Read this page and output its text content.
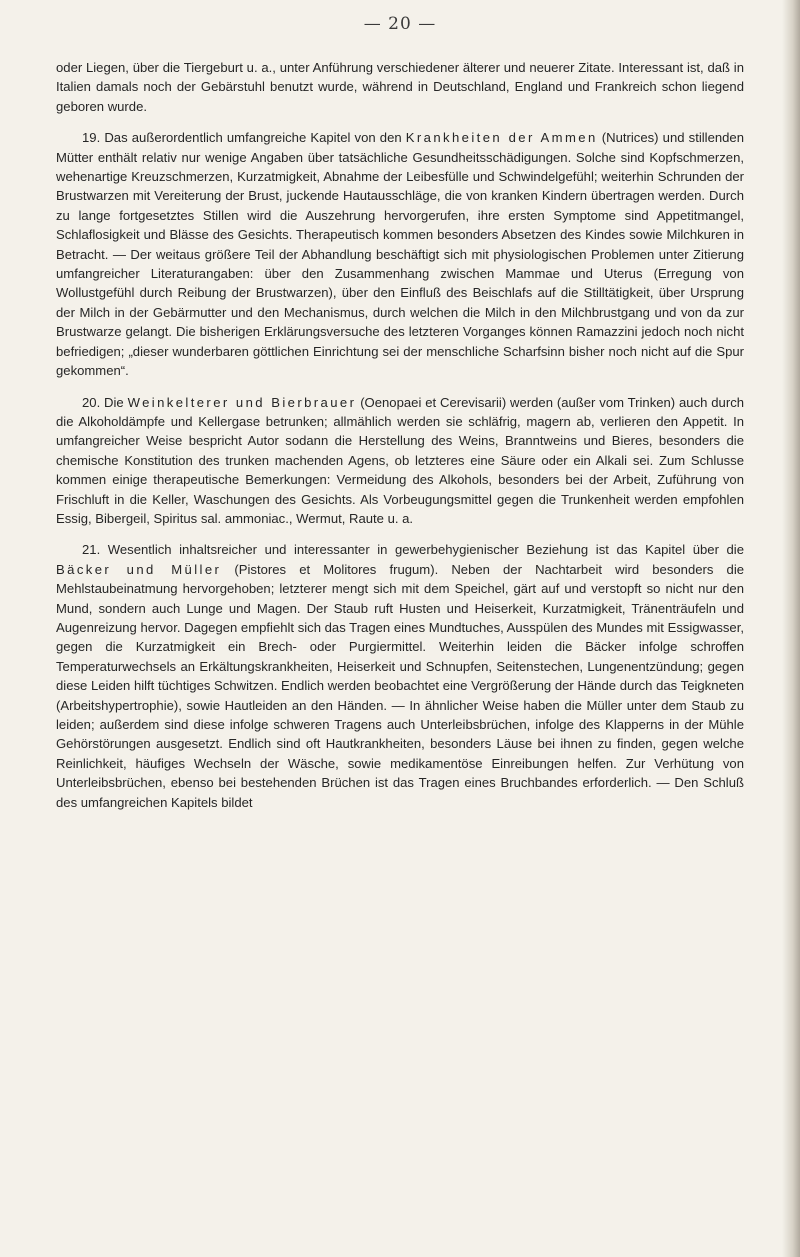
— 20 —

oder Liegen, über die Tiergeburt u. a., unter Anführung verschiedener älterer und neuerer Zitate. Interessant ist, daß in Italien damals noch der Gebärstuhl benutzt wurde, während in Deutschland, England und Frankreich schon liegend geboren wurde.

19. Das außerordentlich umfangreiche Kapitel von den Krankheiten der Ammen (Nutrices) und stillenden Mütter enthält relativ nur wenige Angaben über tatsächliche Gesundheitsschädigungen. Solche sind Kopfschmerzen, wehenartige Kreuzschmerzen, Kurzatmigkeit, Abnahme der Leibesfülle und Schwindelgefühl; weiterhin Schrunden der Brustwarzen mit Vereiterung der Brust, juckende Hautausschläge, die von kranken Kindern übertragen werden. Durch zu lange fortgesetztes Stillen wird die Auszehrung hervorgerufen, ihre ersten Symptome sind Appetitmangel, Schlaflosigkeit und Blässe des Gesichts. Therapeutisch kommen besonders Absetzen des Kindes sowie Milchkuren in Betracht. — Der weitaus größere Teil der Abhandlung beschäftigt sich mit physiologischen Problemen unter Zitierung umfangreicher Literaturangaben: über den Zusammenhang zwischen Mammae und Uterus (Erregung von Wollustgefühl durch Reibung der Brustwarzen), über den Einfluß des Beischlafs auf die Stilltätigkeit, über Ursprung der Milch in der Gebärmutter und den Mechanismus, durch welchen die Milch in den Milchbrustgang und von da zur Brustwarze gelangt. Die bisherigen Erklärungsversuche des letzteren Vorganges können Ramazzini jedoch noch nicht befriedigen; „dieser wunderbaren göttlichen Einrichtung sei der menschliche Scharfsinn bisher noch nicht auf die Spur gekommen“.

20. Die Weinkelterer und Bierbrauer (Oenopaei et Cerevisarii) werden (außer vom Trinken) auch durch die Alkoholdämpfe und Kellergase betrunken; allmählich werden sie schläfrig, magern ab, verlieren den Appetit. In umfangreicher Weise bespricht Autor sodann die Herstellung des Weins, Branntweins und Bieres, besonders die chemische Konstitution des trunken machenden Agens, ob letzteres eine Säure oder ein Alkali sei. Zum Schlusse kommen einige therapeutische Bemerkungen: Vermeidung des Alkohols, besonders bei der Arbeit, Zuführung von Frischluft in die Keller, Waschungen des Gesichts. Als Vorbeugungsmittel gegen die Trunkenheit werden empfohlen Essig, Bibergeil, Spiritus sal. ammoniac., Wermut, Raute u. a.

21. Wesentlich inhaltsreicher und interessanter in gewerbehygienischer Beziehung ist das Kapitel über die Bäcker und Müller (Pistores et Molitores frugum). Neben der Nachtarbeit wird besonders die Mehlstaubeinatmung hervorgehoben; letzterer mengt sich mit dem Speichel, gärt auf und verstopft so nicht nur den Mund, sondern auch Lunge und Magen. Der Staub ruft Husten und Heiserkeit, Kurzatmigkeit, Tränenträufeln und Augenreizung hervor. Dagegen empfiehlt sich das Tragen eines Mundtuches, Ausspülen des Mundes mit Essigwasser, gegen die Kurzatmigkeit ein Brech- oder Purgiermittel. Weiterhin leiden die Bäcker infolge schroffen Temperaturwechsels an Erkältungskrankheiten, Heiserkeit und Schnupfen, Seitenstechen, Lungenentzündung; gegen diese Leiden hilft tüchtiges Schwitzen. Endlich werden beobachtet eine Vergrößerung der Hände durch das Teigkneten (Arbeitshypertrophie), sowie Hautleiden an den Händen. — In ähnlicher Weise haben die Müller unter dem Staub zu leiden; außerdem sind diese infolge schweren Tragens auch Unterleibsbrüchen, infolge des Klapperns in der Mühle Gehörstörungen ausgesetzt. Endlich sind oft Hautkrankheiten, besonders Läuse bei ihnen zu finden, gegen welche Reinlichkeit, häufiges Wechseln der Wäsche, sowie medikamentöse Einreibungen helfen. Zur Verhütung von Unterleibsbrüchen, ebenso bei bestehenden Brüchen ist das Tragen eines Bruchbandes erforderlich. — Den Schluß des umfangreichen Kapitels bildet
